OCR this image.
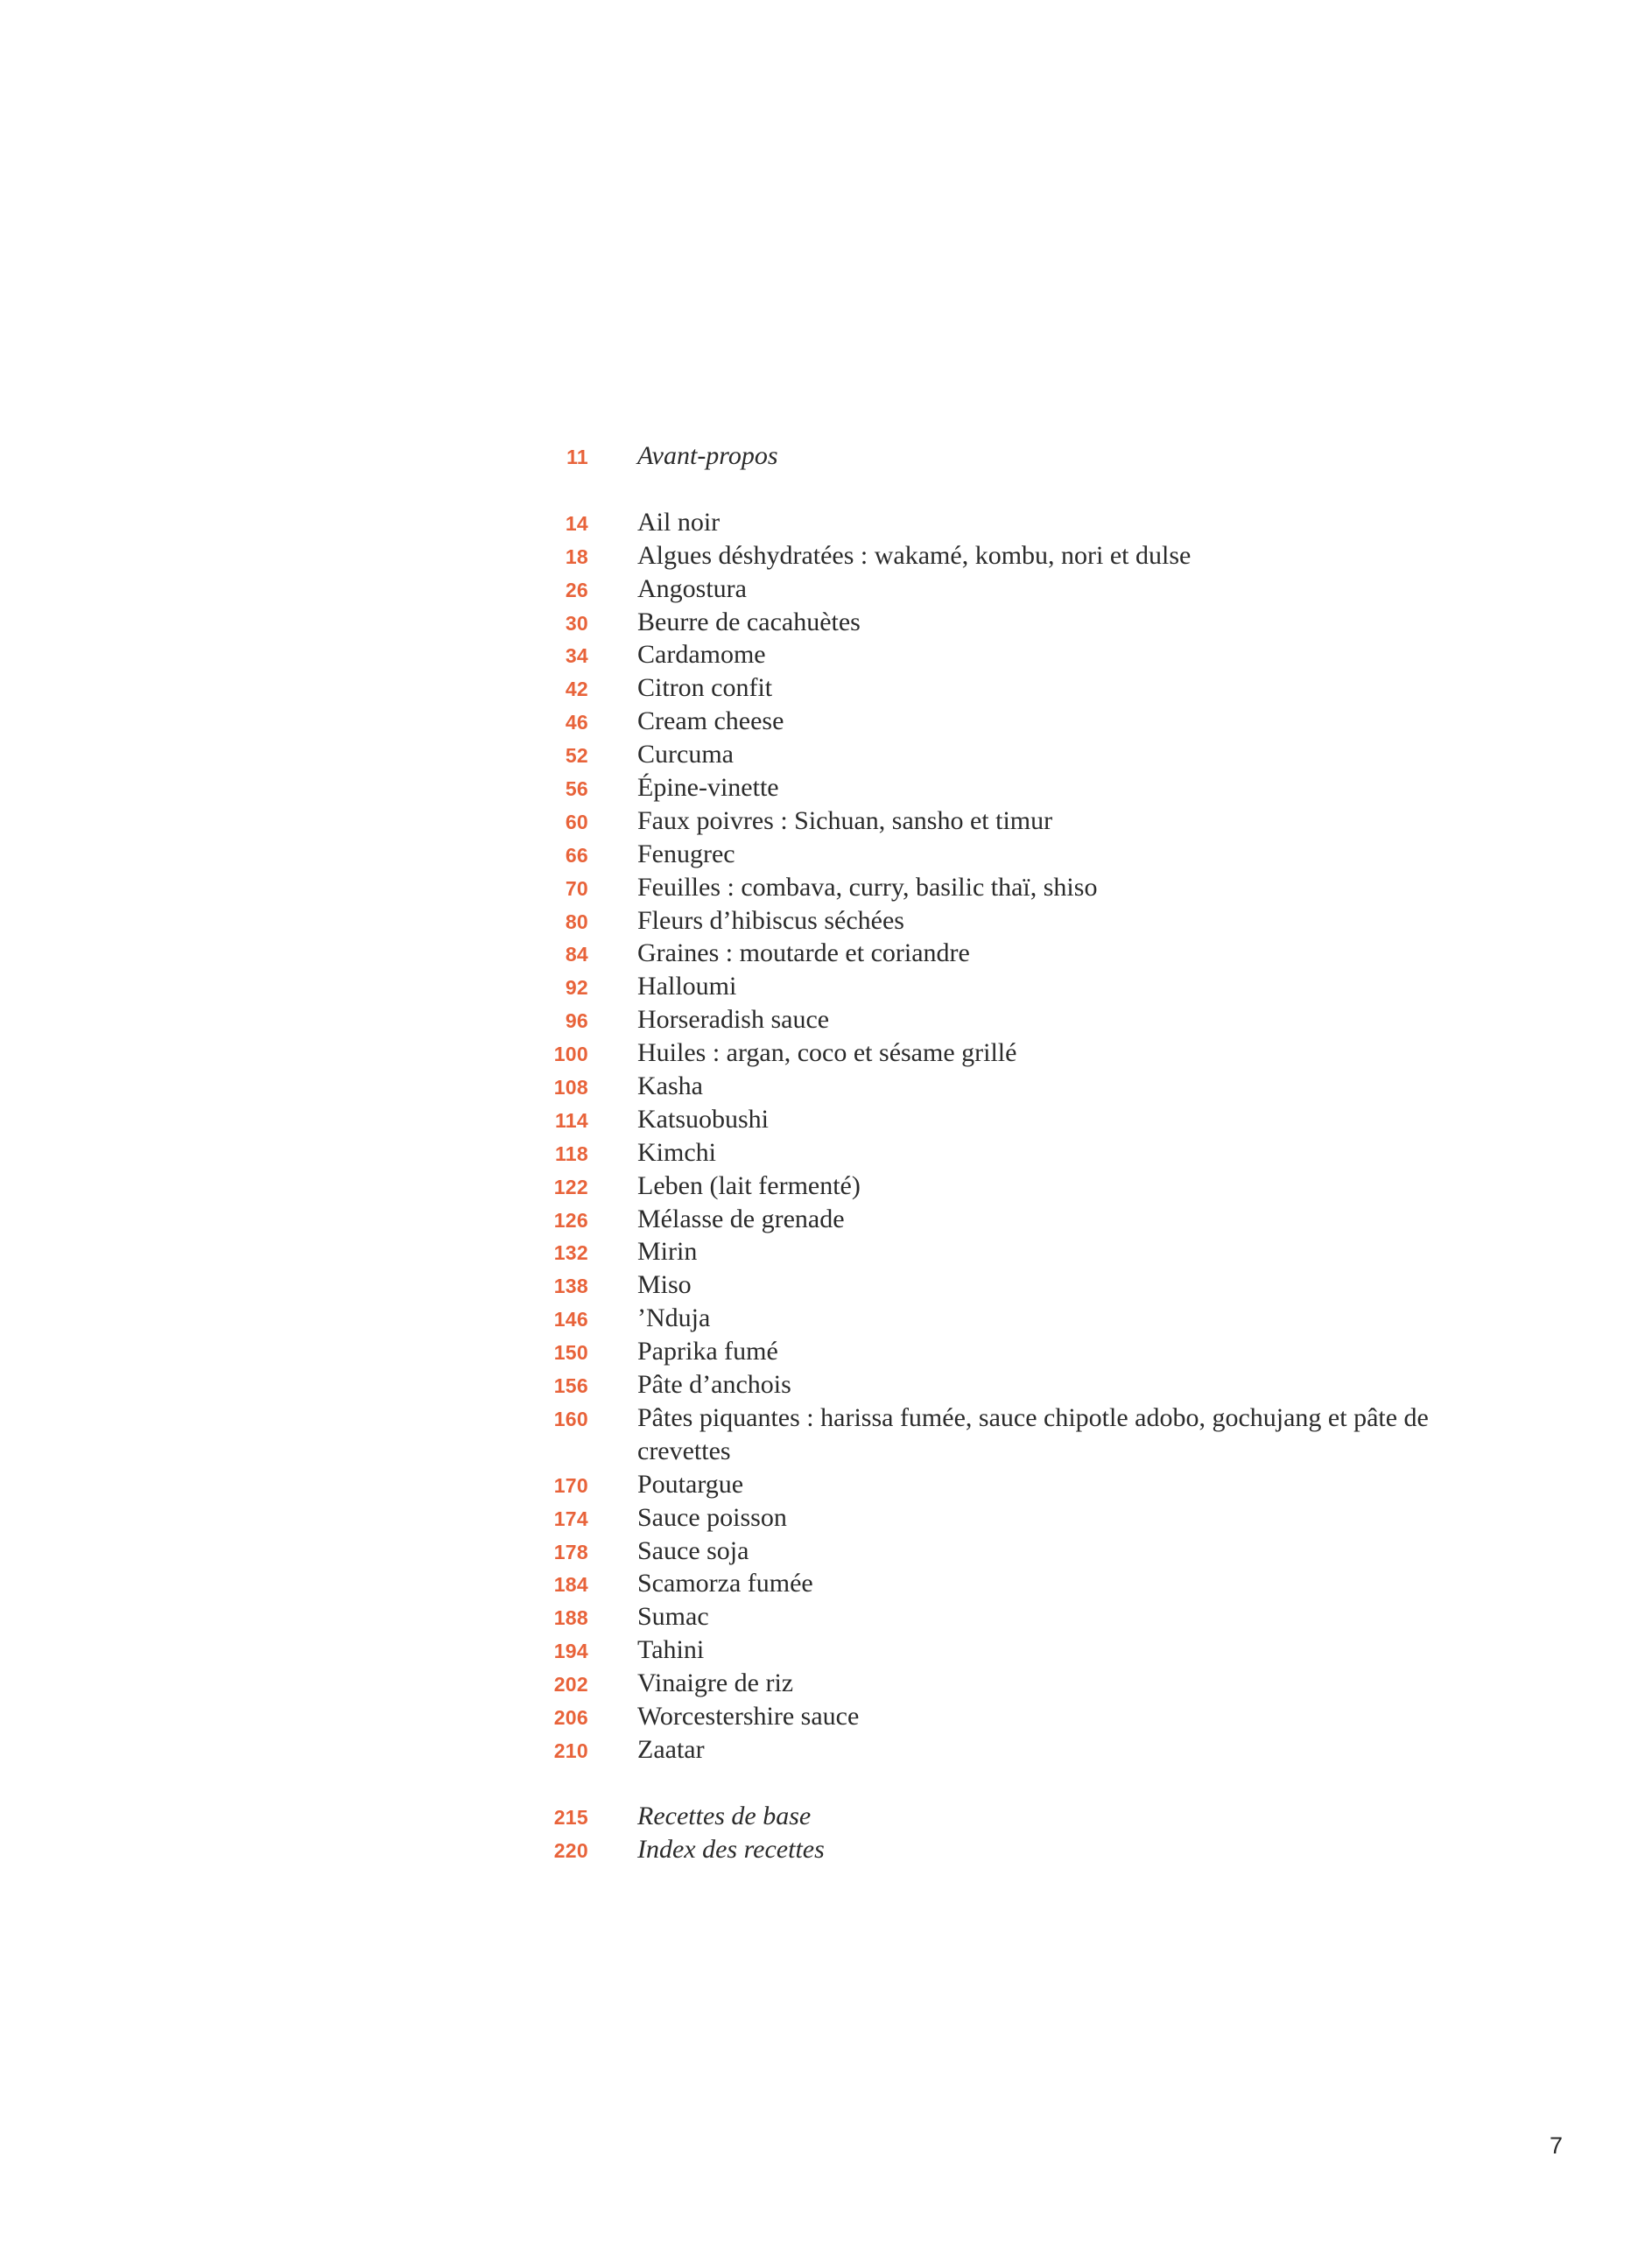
11 Avant-propos
14 Ail noir
18 Algues déshydratées : wakamé, kombu, nori et dulse
26 Angostura
30 Beurre de cacahuètes
34 Cardamome
42 Citron confit
46 Cream cheese
52 Curcuma
56 Épine-vinette
60 Faux poivres : Sichuan, sansho et timur
66 Fenugrec
70 Feuilles : combava, curry, basilic thaï, shiso
80 Fleurs d’hibiscus séchées
84 Graines : moutarde et coriandre
92 Halloumi
96 Horseradish sauce
100 Huiles : argan, coco et sésame grillé
108 Kasha
114 Katsuobushi
118 Kimchi
122 Leben (lait fermenté)
126 Mélasse de grenade
132 Mirin
138 Miso
146 ’Nduja
150 Paprika fumé
156 Pâte d’anchois
160 Pâtes piquantes : harissa fumée, sauce chipotle adobo, gochujang et pâte de crevettes
170 Poutargue
174 Sauce poisson
178 Sauce soja
184 Scamorza fumée
188 Sumac
194 Tahini
202 Vinaigre de riz
206 Worcestershire sauce
210 Zaatar
215 Recettes de base
220 Index des recettes
7
